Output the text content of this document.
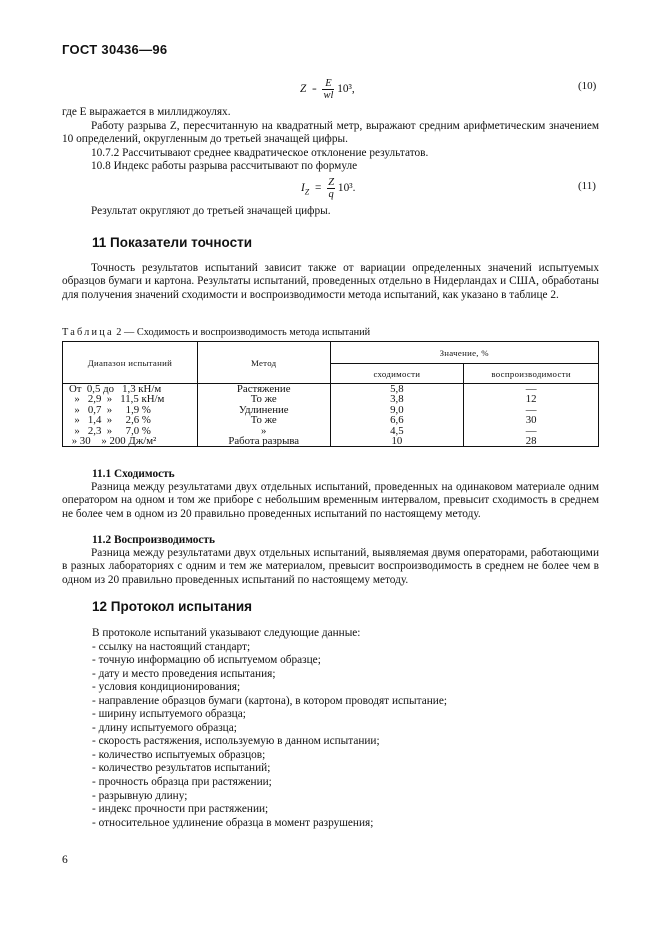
ГОСТ 30436—96
$Z = \frac{E}{wl} 10^3$,	(10)
где E выражается в миллиджоулях.
Работу разрыва Z, пересчитанную на квадратный метр, выражают средним арифметическим значением 10 определений, округленным до третьей значащей цифры.
10.7.2 Рассчитывают среднее квадратическое отклонение результатов.
10.8 Индекс работы разрыва рассчитывают по формуле
$I_Z = \frac{Z}{q} 10^3$.	(11)
Результат округляют до третьей значащей цифры.
11 Показатели точности
Точность результатов испытаний зависит также от вариации определенных значений испытуемых образцов бумаги и картона. Результаты испытаний, проведенных отдельно в Нидерландах и США, обработаны для получения значений сходимости и воспроизводимости метода испытаний, как указано в таблице 2.
Таблица 2 — Сходимость и воспроизводимость метода испытаний
Диапазон испытаний	Метод	Значение, %	
		сходимости	воспроизводимости
От  0,5 до   1,3 кН/м	Растяжение	5,8	—
»   2,9  »   11,5 кН/м	То же	3,8	12
»   0,7  »     1,9 %	Удлинение	9,0	—
»   1,4  »     2,6 %	То же	6,6	30
»   2,3  »     7,0 %	»	4,5	—
» 30    » 200 Дж/м²	Работа разрыва	10	28
11.1 Сходимость
Разница между результатами двух отдельных испытаний, проведенных на одинаковом материале одним оператором на одном и том же приборе с небольшим временным интервалом, превысит сходимость в среднем не более чем в одном из 20 правильно проведенных испытаний по настоящему методу.
11.2 Воспроизводимость
Разница между результатами двух отдельных испытаний, выявляемая двумя операторами, работающими в разных лабораториях с одним и тем же материалом, превысит воспроизводимость в среднем не более чем в одном из 20 правильно проведенных испытаний по настоящему методу.
12 Протокол испытания
В протоколе испытаний указывают следующие данные:
- ссылку на настоящий стандарт;
- точную информацию об испытуемом образце;
- дату и место проведения испытания;
- условия кондиционирования;
- направление образцов бумаги (картона), в котором проводят испытание;
- ширину испытуемого образца;
- длину испытуемого образца;
- скорость растяжения, используемую в данном испытании;
- количество испытуемых образцов;
- количество результатов испытаний;
- прочность образца при растяжении;
- разрывную длину;
- индекс прочности при растяжении;
- относительное удлинение образца в момент разрушения;
6
